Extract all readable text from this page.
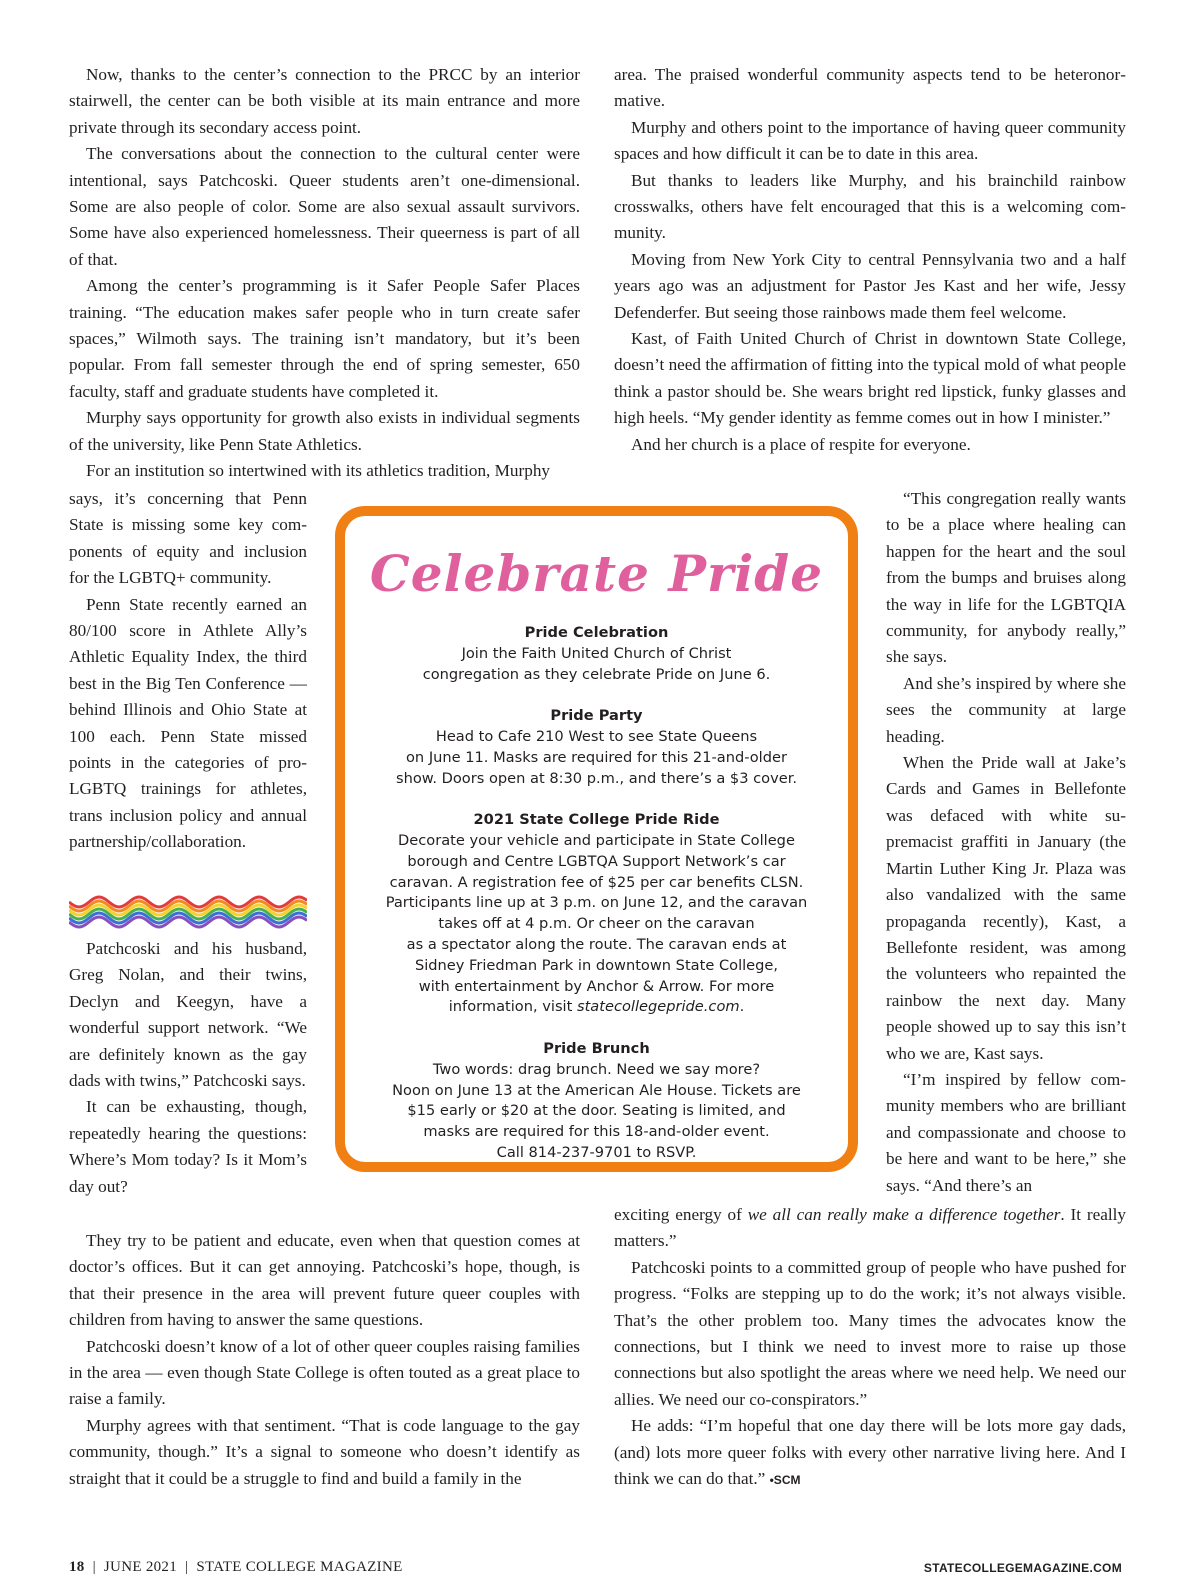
Now, thanks to the center’s connection to the PRCC by an interior stairwell, the center can be both visible at its main entrance and more private through its secondary access point.

The conversations about the connection to the cultural center were intentional, says Patchcoski. Queer students aren’t one-dimensional. Some are also people of color. Some are also sexual assault survivors. Some have also experienced homelessness. Their queerness is part of all of that.

Among the center’s programming is it Safer People Safer Places training. “The education makes safer people who in turn create safer spaces,” Wilmoth says. The training isn’t mandatory, but it’s been popular. From fall semester through the end of spring semester, 650 faculty, staff and graduate students have completed it.

Murphy says opportunity for growth also exists in individual segments of the university, like Penn State Athletics.

For an institution so intertwined with its athletics tradition, Murphy

says, it’s concerning that Penn State is missing some key components of equity and inclusion for the LGBTQ+ community.

Penn State recently earned an 80/100 score in Athlete Ally’s Athletic Equality Index, the third best in the Big Ten Conference — behind Illinois and Ohio State at 100 each. Penn State missed points in the categories of pro-LGBTQ trainings for athletes, trans inclusion policy and annual partnership/collaboration.

Patchcoski and his husband, Greg Nolan, and their twins, Declyn and Keegyn, have a wonderful support network. “We are definitely known as the gay dads with twins,” Patchcoski says.

It can be exhausting, though, repeatedly hearing the questions: Where’s Mom today? Is it Mom’s day out?

They try to be patient and educate, even when that question comes at doctor’s offices. But it can get annoying. Patchcoski’s hope, though, is that their presence in the area will prevent future queer couples with children from having to answer the same questions.

Patchcoski doesn’t know of a lot of other queer couples raising families in the area — even though State College is often touted as a great place to raise a family.

Murphy agrees with that sentiment. “That is code language to the gay community, though.” It’s a signal to someone who doesn’t identify as straight that it could be a struggle to find and build a family in the

area. The praised wonderful community aspects tend to be heteronormative.

Murphy and others point to the importance of having queer community spaces and how difficult it can be to date in this area.

But thanks to leaders like Murphy, and his brainchild rainbow crosswalks, others have felt encouraged that this is a welcoming community.

Moving from New York City to central Pennsylvania two and a half years ago was an adjustment for Pastor Jes Kast and her wife, Jessy Defenderfer. But seeing those rainbows made them feel welcome.

Kast, of Faith United Church of Christ in downtown State College, doesn’t need the affirmation of fitting into the typical mold of what people think a pastor should be. She wears bright red lipstick, funky glasses and high heels. “My gender identity as femme comes out in how I minister.”

And her church is a place of respite for everyone.

“This congregation really wants to be a place where healing can happen for the heart and the soul from the bumps and bruises along the way in life for the LGBTQIA community, for anybody really,” she says.

And she’s inspired by where she sees the community at large heading.

When the Pride wall at Jake’s Cards and Games in Bellefonte was defaced with white supremacist graffiti in January (the Martin Luther King Jr. Plaza was also vandalized with the same propaganda recently), Kast, a Bellefonte resident, was among the volunteers who repainted the rainbow the next day. Many people showed up to say this isn’t who we are, Kast says.

“I’m inspired by fellow community members who are brilliant and compassionate and choose to be here and want to be here,” she says. “And there’s an

exciting energy of we all can really make a difference together. It really matters.”

Patchcoski points to a committed group of people who have pushed for progress. “Folks are stepping up to do the work; it’s not always visible. That’s the other problem too. Many times the advocates know the connections, but I think we need to invest more to raise up those connections but also spotlight the areas where we need help. We need our allies. We need our co-conspirators.”

He adds: “I’m hopeful that one day there will be lots more gay dads, (and) lots more queer folks with every other narrative living here. And I think we can do that.” •SCM

Celebrate Pride
Pride Celebration

Join the Faith United Church of Christ
congregation as they celebrate Pride on June 6.

Pride Party

Head to Cafe 210 West to see State Queens
on June 11. Masks are required for this 21-and-older
show. Doors open at 8:30 p.m., and there’s a $3 cover.

2021 State College Pride Ride

Decorate your vehicle and participate in State College
borough and Centre LGBTQA Support Network’s car
caravan. A registration fee of $25 per car benefits CLSN.
Participants line up at 3 p.m. on June 12, and the caravan
takes off at 4 p.m. Or cheer on the caravan
as a spectator along the route. The caravan ends at
Sidney Friedman Park in downtown State College,
with entertainment by Anchor & Arrow. For more
information, visit statecollegepride.com.

Pride Brunch

Two words: drag brunch. Need we say more?
Noon on June 13 at the American Ale House. Tickets are
$15 early or $20 at the door. Seating is limited, and
masks are required for this 18-and-older event.
Call 814-237-9701 to RSVP.

18 | JUNE 2021 | STATE COLLEGE MAGAZINE	STATECOLLEGEMAGAZINE.COM
